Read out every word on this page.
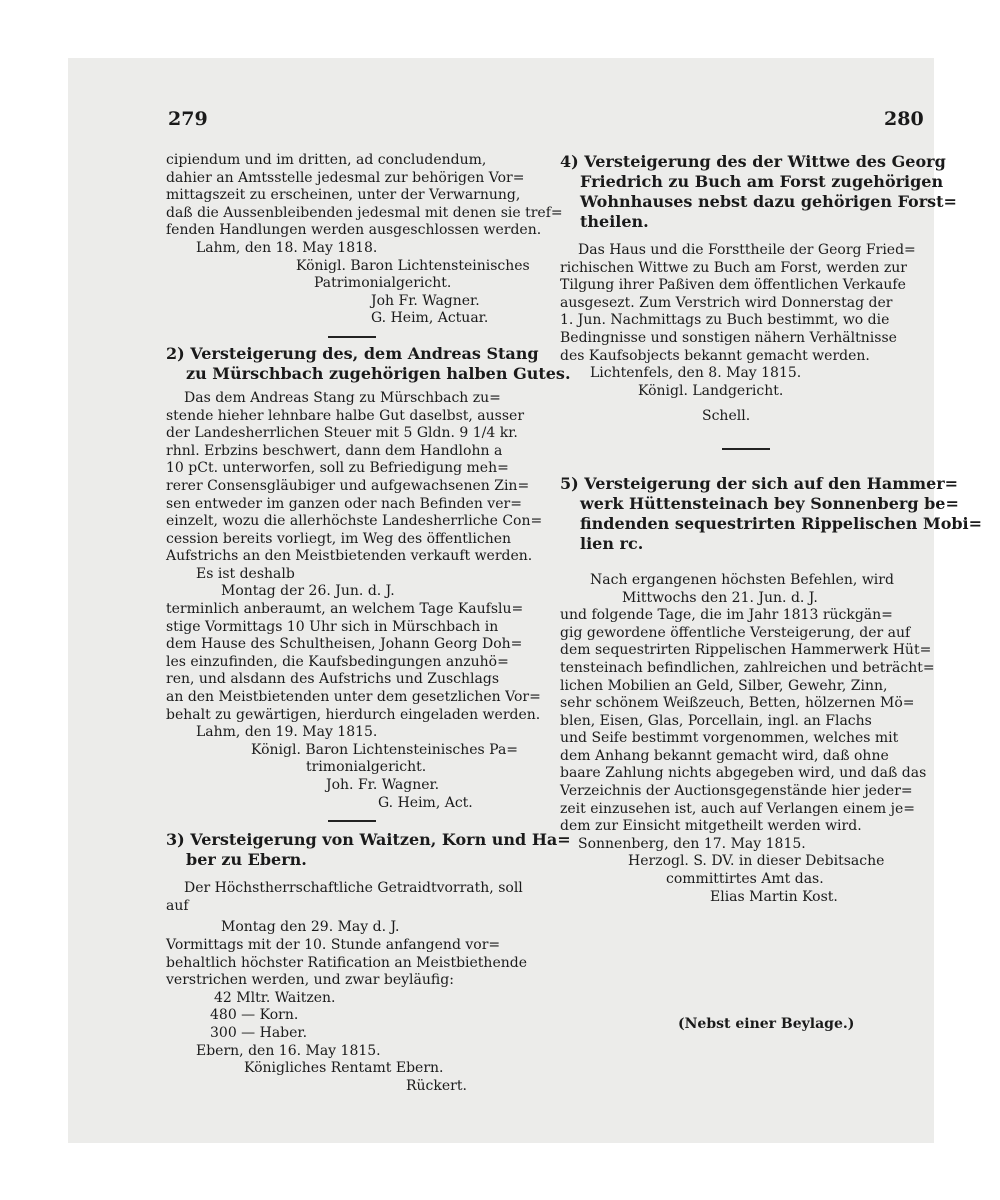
279	280

cipiendum und im dritten, ad concludendum,

dahier an Amtsstelle jedesmal zur behörigen Vor=

mittagszeit zu erscheinen, unter der Verwarnung,

daß die Aussenbleibenden jedesmal mit denen sie tref=

fenden Handlungen werden ausgeschlossen werden.

Lahm, den 18. May 1818.

Königl. Baron Lichtensteinisches

Patrimonialgericht.

Joh Fr. Wagner.

G. Heim, Actuar.

2) Versteigerung des, dem Andreas Stang

zu Mürschbach zugehörigen halben Gutes.

Das dem Andreas Stang zu Mürschbach zu=

stende hieher lehnbare halbe Gut daselbst, ausser

der Landesherrlichen Steuer mit 5 Gldn. 9 1/4 kr.

rhnl. Erbzins beschwert, dann dem Handlohn a

10 pCt. unterworfen, soll zu Befriedigung meh=

rerer Consensgläubiger und aufgewachsenen Zin=

sen entweder im ganzen oder nach Befinden ver=

einzelt, wozu die allerhöchste Landesherrliche Con=

cession bereits vorliegt, im Weg des öffentlichen

Aufstrichs an den Meistbietenden verkauft werden.

Es ist deshalb

Montag der 26. Jun. d. J.

terminlich anberaumt, an welchem Tage Kaufslu=

stige Vormittags 10 Uhr sich in Mürschbach in

dem Hause des Schultheisen, Johann Georg Doh=

les einzufinden, die Kaufsbedingungen anzuhö=

ren, und alsdann des Aufstrichs und Zuschlags

an den Meistbietenden unter dem gesetzlichen Vor=

behalt zu gewärtigen, hierdurch eingeladen werden.

Lahm, den 19. May 1815.

Königl. Baron Lichtensteinisches Pa=

trimonialgericht.

Joh. Fr. Wagner.

G. Heim, Act.

3) Versteigerung von Waitzen, Korn und Ha=

ber zu Ebern.

Der Höchstherrschaftliche Getraidtvorrath, soll

auf

Montag den 29. May d. J.

Vormittags mit der 10. Stunde anfangend vor=

behaltlich höchster Ratification an Meistbiethende

verstrichen werden, und zwar beyläufig:

42 Mltr. Waitzen.

480 — Korn.

300 — Haber.

Ebern, den 16. May 1815.

Königliches Rentamt Ebern.

Rückert.

4) Versteigerung des der Wittwe des Georg

Friedrich zu Buch am Forst zugehörigen

Wohnhauses nebst dazu gehörigen Forst=

theilen.

Das Haus und die Forsttheile der Georg Fried=

richischen Wittwe zu Buch am Forst, werden zur

Tilgung ihrer Paßiven dem öffentlichen Verkaufe

ausgesezt. Zum Verstrich wird Donnerstag der

1. Jun. Nachmittags zu Buch bestimmt, wo die

Bedingnisse und sonstigen nähern Verhältnisse

des Kaufsobjects bekannt gemacht werden.

Lichtenfels, den 8. May 1815.

Königl. Landgericht.

Schell.

5) Versteigerung der sich auf den Hammer=

werk Hüttensteinach bey Sonnenberg be=

findenden sequestrirten Rippelischen Mobi=

lien rc.

Nach ergangenen höchsten Befehlen, wird

Mittwochs den 21. Jun. d. J.

und folgende Tage, die im Jahr 1813 rückgän=

gig gewordene öffentliche Versteigerung, der auf

dem sequestrirten Rippelischen Hammerwerk Hüt=

tensteinach befindlichen, zahlreichen und beträcht=

lichen Mobilien an Geld, Silber, Gewehr, Zinn,

sehr schönem Weißzeuch, Betten, hölzernen Mö=

blen, Eisen, Glas, Porcellain, ingl. an Flachs

und Seife bestimmt vorgenommen, welches mit

dem Anhang bekannt gemacht wird, daß ohne

baare Zahlung nichts abgegeben wird, und daß das

Verzeichnis der Auctionsgegenstände hier jeder=

zeit einzusehen ist, auch auf Verlangen einem je=

dem zur Einsicht mitgetheilt werden wird.

Sonnenberg, den 17. May 1815.

Herzogl. S. DV. in dieser Debitsache

committirtes Amt das.

Elias Martin Kost.

(Nebst einer Beylage.)
